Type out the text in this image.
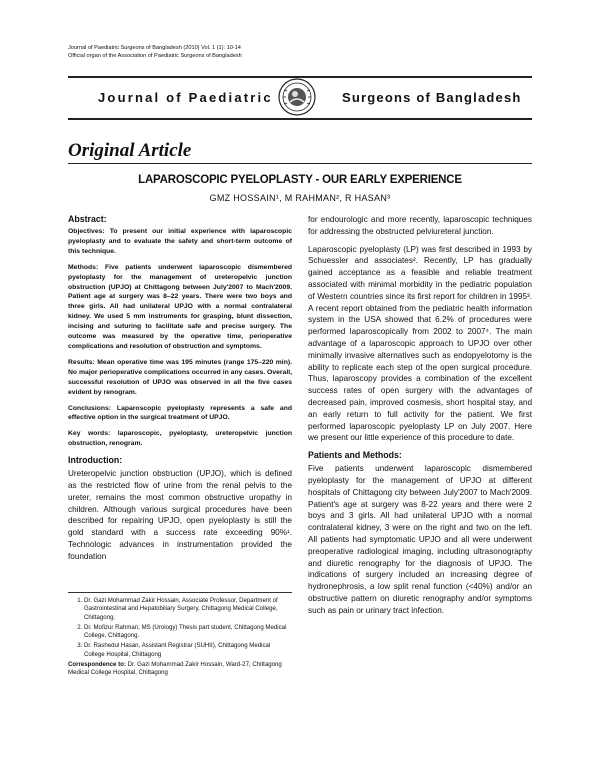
Journal of Paediatric Surgeons of Bangladesh (2010) Vol. 1 (1): 10-14
Official organ of the Association of Paediatric Surgeons of Bangladesh
Journal of Paediatric	Surgeons of Bangladesh
Original Article
LAPAROSCOPIC PYELOPLASTY - OUR EARLY EXPERIENCE
GMZ HOSSAIN¹, M RAHMAN², R HASAN³
Abstract:

Objectives: To present our initial experience with laparoscopic pyeloplasty and to evaluate the safety and short-term outcome of this technique.

Methods: Five patients underwent laparoscopic dismembered pyeloplasty for the management of ureteropelvic junction obstruction (UPJO) at Chittagong between July'2007 to Mach'2009. Patient age at surgery was 8–22 years. There were two boys and three girls. All had unilateral UPJO with a normal contralateral kidney. We used 5 mm instruments for grasping, blunt dissection, incising and suturing to facilitate safe and precise surgery. The outcome was measured by the operative time, perioperative complications and resolution of obstruction and symptoms.

Results: Mean operative time was 195 minutes (range 175–220 min). No major perioperative complications occurred in any cases. Overall, successful resolution of UPJO was observed in all the five cases evident by renogram.

Conclusions: Laparoscopic pyeloplasty represents a safe and effective option in the surgical treatment of UPJO.

Key words: laparoscopic, pyeloplasty, ureteropelvic junction obstruction, renogram.

Introduction:

Ureteropelvic junction obstruction (UPJO), which is defined as the restricted flow of urine from the renal pelvis to the ureter, remains the most common obstructive uropathy in children. Although various surgical procedures have been described for repairing UPJO, open pyeloplasty is still the gold standard with a success rate exceeding 90%¹. Technologic advances in instrumentation provided the foundation

1. Dr. Gazi Mohammad Zakir Hossain, Associate Professor, Department of Gastrointestinal and Hepatobiliary Surgery, Chittagong Medical College, Chittagong.
2. Dr. Mofizur Rahman, MS (Urology) Thesis part student, Chittagong Medical College, Chittagong.
3. Dr. Rashedul Hasan, Assistant Registrar (SUHII), Chittagong Medical College Hospital, Chittagong
Correspondence to: Dr. Gazi Mohammad Zakir Hossain, Ward-27, Chittagong Medical College Hospital, Chittagong

for endourologic and more recently, laparoscopic techniques for addressing the obstructed pelviureteral junction.

Laparoscopic pyeloplasty (LP) was first described in 1993 by Schuessler and associates². Recently, LP has gradually gained acceptance as a feasible and reliable treatment associated with minimal morbidity in the pediatric population of Western countries since its first report for children in 1995³. A recent report obtained from the pediatric health information system in the USA showed that 6.2% of procedures were performed laparoscopically from 2002 to 2007⁴. The main advantage of a laparoscopic approach to UPJO over other minimally invasive alternatives such as endopyelotomy is the ability to replicate each step of the open surgical procedure. Thus, laparoscopy provides a combination of the excellent success rates of open surgery with the advantages of decreased pain, improved cosmesis, short hospital stay, and an early return to full activity for the patient. We first performed laparoscopic pyeloplasty LP on July 2007. Here we present our little experience of this procedure to date.

Patients and Methods:

Five patients underwent laparoscopic dismembered pyeloplasty for the management of UPJO at different hospitals of Chittagong city between July'2007 to Mach'2009. Patient's age at surgery was 8-22 years and there were 2 boys and 3 girls. All had unilateral UPJO with a normal contralateral kidney, 3 were on the right and two on the left. All patients had symptomatic UPJO and all were underwent preoperative radiological imaging, including ultrasonography and diuretic renography for the diagnosis of UPJO. The indications of surgery included an increasing degree of hydronephrosis, a low split renal function (<40%) and/or an obstructive pattern on diuretic renography and/or symptoms such as pain or urinary tract infection.
